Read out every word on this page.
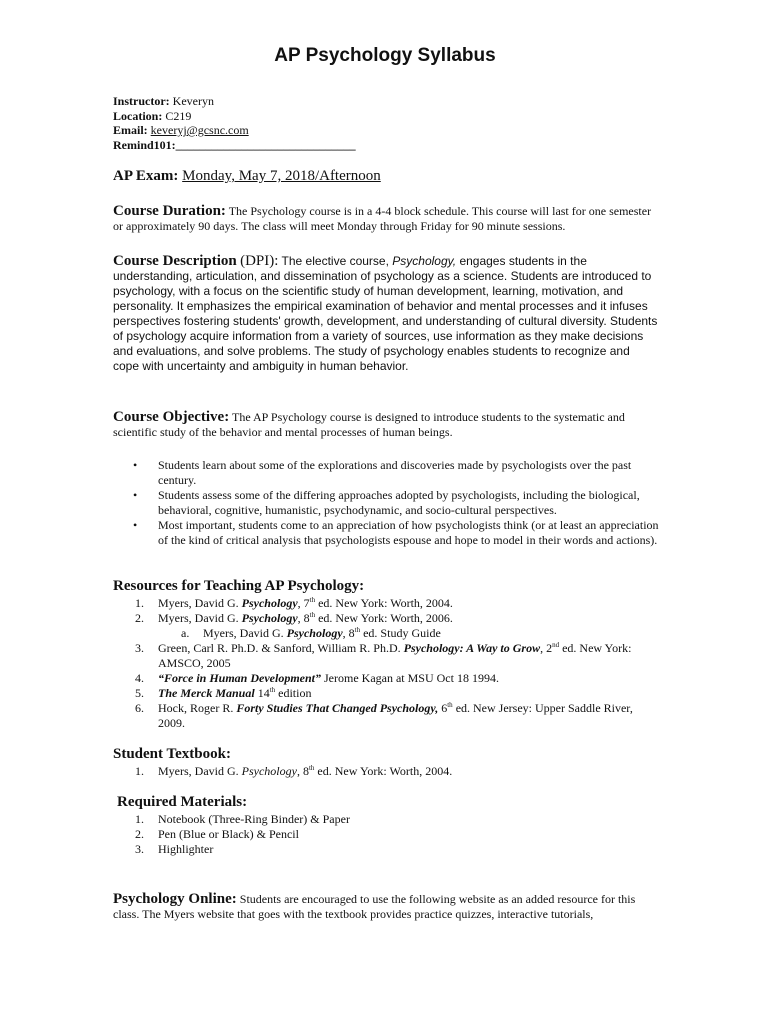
AP Psychology Syllabus
Instructor: Keveryn
Location: C219
Email: keveryj@gcsnc.com
Remind101:______________________________
AP Exam: Monday, May 7, 2018/Afternoon
Course Duration: The Psychology course is in a 4-4 block schedule. This course will last for one semester or approximately 90 days. The class will meet Monday through Friday for 90 minute sessions.
Course Description (DPI): The elective course, Psychology, engages students in the understanding, articulation, and dissemination of psychology as a science. Students are introduced to psychology, with a focus on the scientific study of human development, learning, motivation, and personality. It emphasizes the empirical examination of behavior and mental processes and it infuses perspectives fostering students' growth, development, and understanding of cultural diversity. Students of psychology acquire information from a variety of sources, use information as they make decisions and evaluations, and solve problems. The study of psychology enables students to recognize and cope with uncertainty and ambiguity in human behavior.
Course Objective: The AP Psychology course is designed to introduce students to the systematic and scientific study of the behavior and mental processes of human beings.
• Students learn about some of the explorations and discoveries made by psychologists over the past century.
• Students assess some of the differing approaches adopted by psychologists, including the biological, behavioral, cognitive, humanistic, psychodynamic, and socio-cultural perspectives.
• Most important, students come to an appreciation of how psychologists think (or at least an appreciation of the kind of critical analysis that psychologists espouse and hope to model in their words and actions).
Resources for Teaching AP Psychology:
1.	Myers, David G. Psychology, 7th ed. New York: Worth, 2004.
2.	Myers, David G. Psychology, 8th ed. New York: Worth, 2006.
a.	Myers, David G. Psychology, 8th ed. Study Guide
3.	Green, Carl R. Ph.D. & Sanford, William R. Ph.D. Psychology: A Way to Grow, 2nd ed. New York: AMSCO, 2005
4.	“Force in Human Development” Jerome Kagan at MSU Oct 18 1994.
5.	The Merck Manual 14th edition
6.	Hock, Roger R. Forty Studies That Changed Psychology, 6th ed. New Jersey: Upper Saddle River, 2009.
Student Textbook:
1.	Myers, David G. Psychology, 8th ed. New York: Worth, 2004.
Required Materials:
1.	Notebook (Three-Ring Binder) & Paper
2.	Pen (Blue or Black) & Pencil
3.	Highlighter
Psychology Online: Students are encouraged to use the following website as an added resource for this class. The Myers website that goes with the textbook provides practice quizzes, interactive tutorials,
